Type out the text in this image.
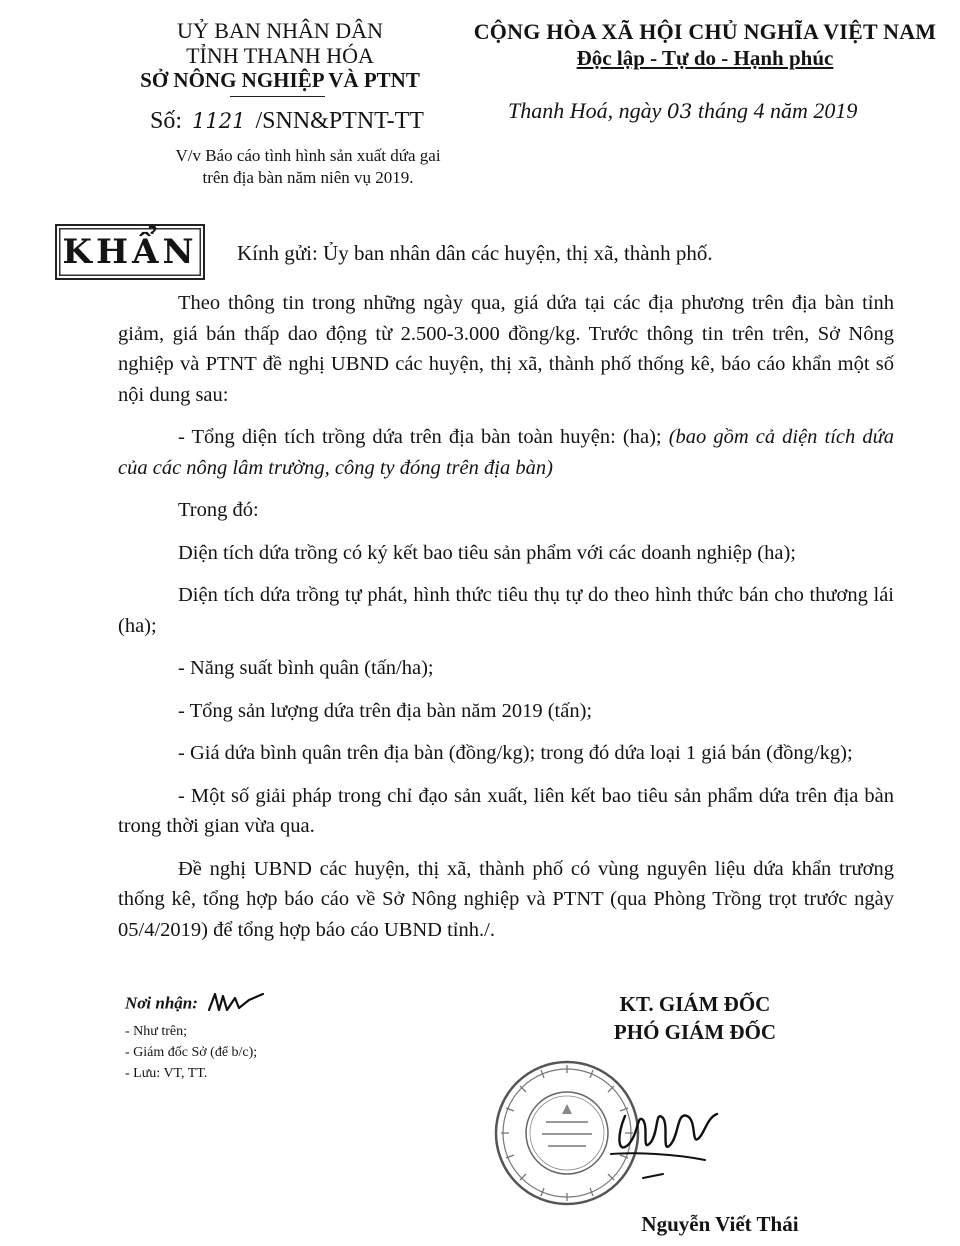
UỶ BAN NHÂN DÂN
TỈNH THANH HÓA
SỞ NÔNG NGHIỆP VÀ PTNT
CỘNG HÒA XÃ HỘI CHỦ NGHĨA VIỆT NAM
Độc lập - Tự do - Hạnh phúc
Số: 1121 /SNN&PTNT-TT	Thanh Hoá, ngày 03 tháng 4 năm 2019
V/v Báo cáo tình hình sản xuất dứa gai
trên địa bàn năm niên vụ 2019.
KHẨN	Kính gửi: Ủy ban nhân dân các huyện, thị xã, thành phố.

Theo thông tin trong những ngày qua, giá dứa tại các địa phương trên địa bàn tỉnh giảm, giá bán thấp dao động từ 2.500-3.000 đồng/kg. Trước thông tin trên trên, Sở Nông nghiệp và PTNT đề nghị UBND các huyện, thị xã, thành phố thống kê, báo cáo khẩn một số nội dung sau:

- Tổng diện tích trồng dứa trên địa bàn toàn huyện: (ha); (bao gồm cả diện tích dứa của các nông lâm trường, công ty đóng trên địa bàn)

Trong đó:

Diện tích dứa trồng có ký kết bao tiêu sản phẩm với các doanh nghiệp (ha);

Diện tích dứa trồng tự phát, hình thức tiêu thụ tự do theo hình thức bán cho thương lái (ha);

- Năng suất bình quân (tấn/ha);

- Tổng sản lượng dứa trên địa bàn năm 2019 (tấn);

- Giá dứa bình quân trên địa bàn (đồng/kg); trong đó dứa loại 1 giá bán (đồng/kg);

- Một số giải pháp trong chỉ đạo sản xuất, liên kết bao tiêu sản phẩm dứa trên địa bàn trong thời gian vừa qua.

Đề nghị UBND các huyện, thị xã, thành phố có vùng nguyên liệu dứa khẩn trương thống kê, tổng hợp báo cáo về Sở Nông nghiệp và PTNT (qua Phòng Trồng trọt trước ngày 05/4/2019) để tổng hợp báo cáo UBND tỉnh./.

Nơi nhận:
- Như trên;
- Giám đốc Sở (để b/c);
- Lưu: VT, TT.
KT. GIÁM ĐỐC
PHÓ GIÁM ĐỐC
Nguyễn Viết Thái
